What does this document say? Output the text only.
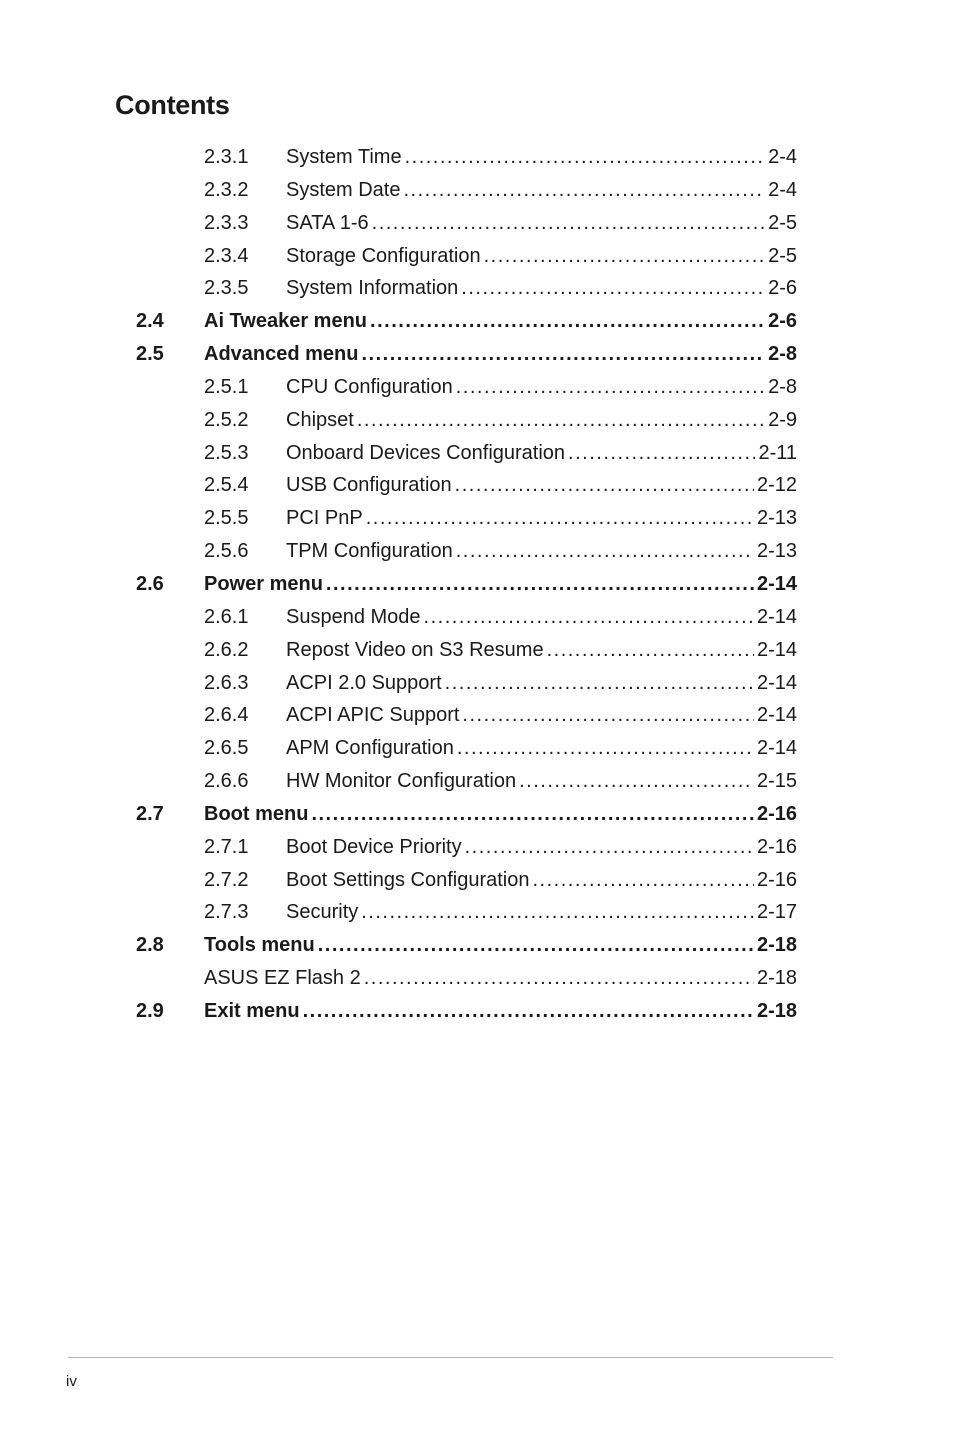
Contents
2.3.1 System Time .....	2-4
2.3.2 System Date .....	2-4
2.3.3 SATA 1-6 .....	2-5
2.3.4 Storage Configuration .....	2-5
2.3.5 System Information .....	2-6
2.4 Ai Tweaker menu .....	2-6
2.5 Advanced menu .....	2-8
2.5.1 CPU Configuration .....	2-8
2.5.2 Chipset .....	2-9
2.5.3 Onboard Devices Configuration .....	2-11
2.5.4 USB Configuration .....	2-12
2.5.5 PCI PnP .....	2-13
2.5.6 TPM Configuration .....	2-13
2.6 Power menu .....	2-14
2.6.1 Suspend Mode .....	2-14
2.6.2 Repost Video on S3 Resume .....	2-14
2.6.3 ACPI 2.0 Support .....	2-14
2.6.4 ACPI APIC Support .....	2-14
2.6.5 APM Configuration .....	2-14
2.6.6 HW Monitor Configuration .....	2-15
2.7 Boot menu .....	2-16
2.7.1 Boot Device Priority .....	2-16
2.7.2 Boot Settings Configuration .....	2-16
2.7.3 Security .....	2-17
2.8 Tools menu .....	2-18
ASUS EZ Flash 2 .....	2-18
2.9 Exit menu .....	2-18
iv
